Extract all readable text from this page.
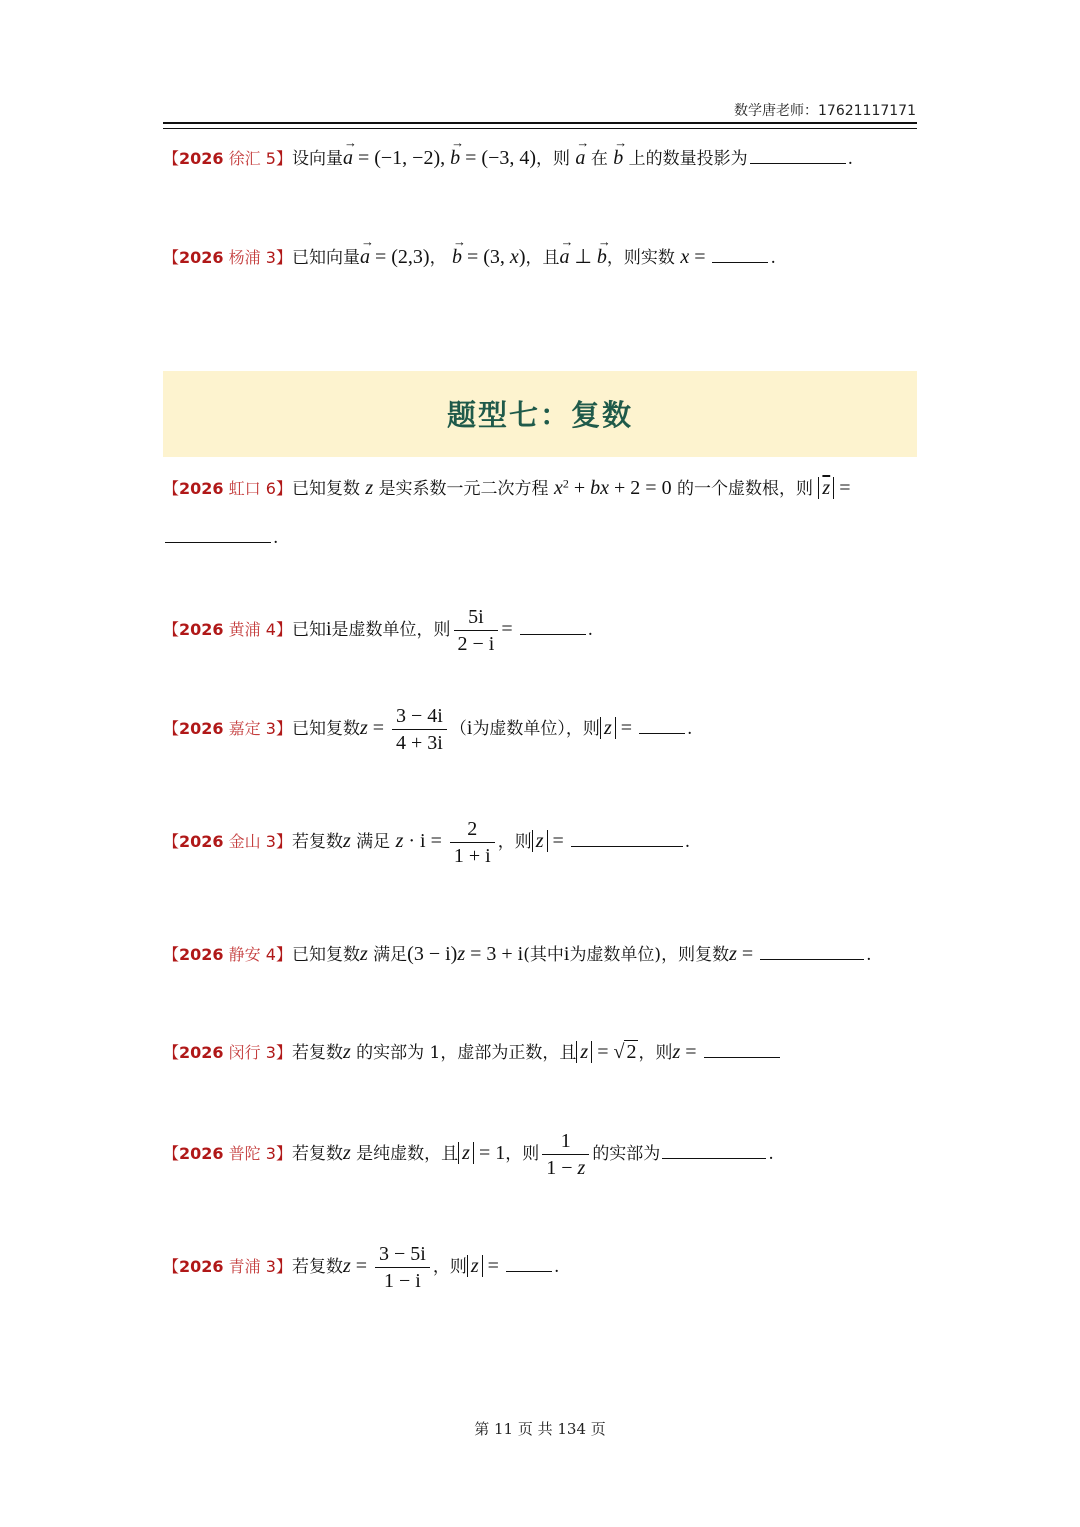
数学唐老师：17621117171
【2026 徐汇 5】设向量→ a = (−1, −2), → b = (−3, 4)，则 → a 在 → b 上的数量投影为	.
【2026 杨浦 3】已知向量→ a = (2,3)， → b = (3, x)，且→ a ⊥ → b，则实数 x =	.
题型七：复数
【2026 虹口 6】已知复数 z 是实系数一元二次方程 $x^2$ + bx + 2 = 0 的一个虚数根，则 $\overline{z}$ =
.
【2026 黄浦 4】已知i是虚数单位，则 $\frac{5i}{2 - i}$ =	.
【2026 嘉定 3】已知复数$z = \frac{3 - 4i}{4 + 3i} (i$为虚数单位），则 z =	.
【2026 金山 3】若复数z 满足 $z \cdot i = \frac{2}{1 + i}$ ，则 z =	.
【2026 静安 4】已知复数z 满足(3 − i)z = 3 + i(其中i为虚数单位)，则复数z =	.
【2026 闵行 3】若复数z 的实部为 1，虚部为正数，且 z = √ 2 ，则z =
【2026 普陀 3】若复数z 是纯虚数，且 z = 1，则 $\frac{1}{1 - z}$ 的实部为	.
【2026 青浦 3】若复数$z = \frac{3 - 5i}{1 - i}$ ，则 z =	.
第 11 页 共 134 页
